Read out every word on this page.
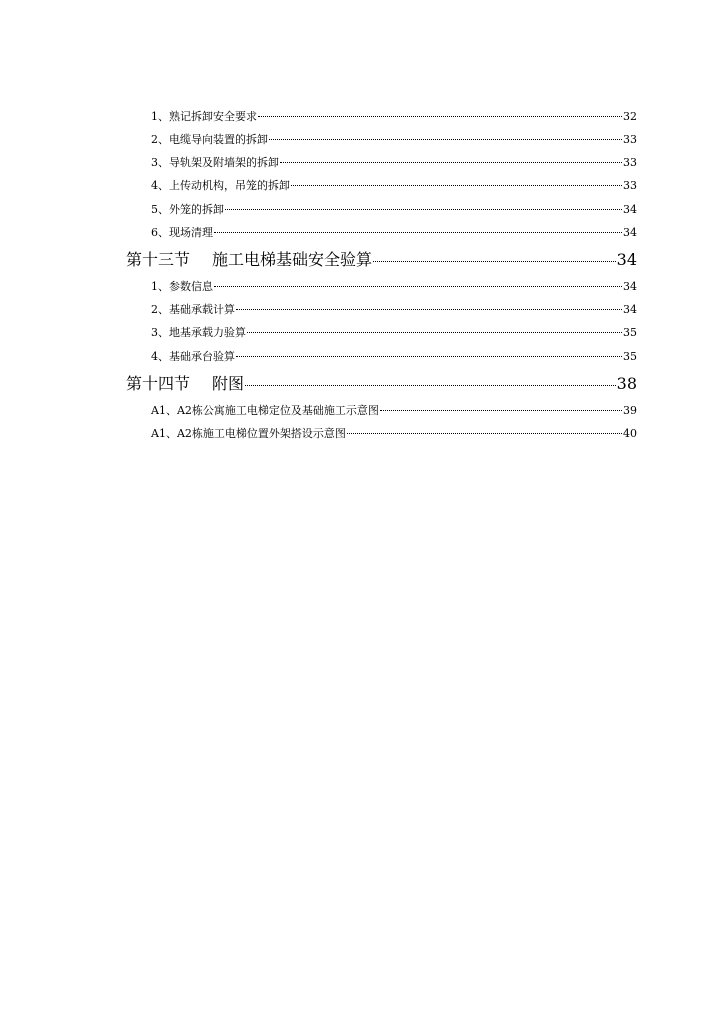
1、熟记拆卸安全要求	32
2、电缆导向装置的拆卸	33
3、导轨架及附墙架的拆卸	33
4、上传动机构，吊笼的拆卸	33
5、外笼的拆卸	34
6、现场清理	34
第十三节 施工电梯基础安全验算	34
1、参数信息	34
2、基础承载计算	34
3、地基承载力验算	35
4、基础承台验算	35
第十四节 附图	38
A1、A2栋公寓施工电梯定位及基础施工示意图	39
A1、A2栋施工电梯位置外架搭设示意图	40
